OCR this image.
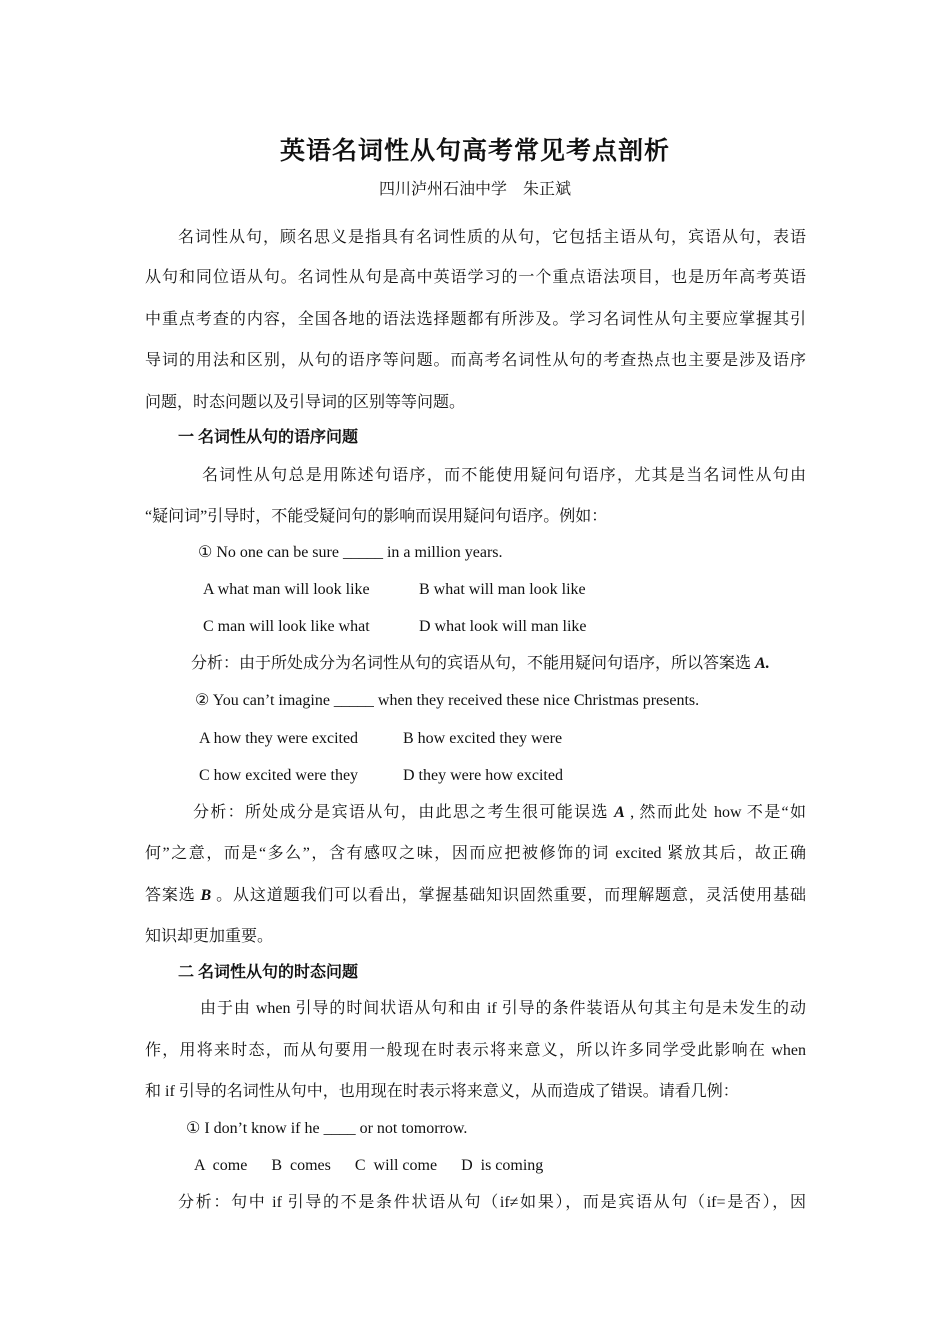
英语名词性从句高考常见考点剖析
四川泸州石油中学　朱正斌
名词性从句，顾名思义是指具有名词性质的从句，它包括主语从句，宾语从句，表语
从句和同位语从句。名词性从句是高中英语学习的一个重点语法项目，也是历年高考英语
中重点考查的内容，全国各地的语法选择题都有所涉及。学习名词性从句主要应掌握其引
导词的用法和区别，从句的语序等问题。而高考名词性从句的考查热点也主要是涉及语序
问题，时态问题以及引导词的区别等等问题。
一 名词性从句的语序问题
名词性从句总是用陈述句语序，而不能使用疑问句语序，尤其是当名词性从句由
“疑问词”引导时，不能受疑问句的影响而误用疑问句语序。例如：
① No one can be sure _____ in a million years.
A what man will look like	B what will man look like
C man will look like what	D what look will man like
分析：由于所处成分为名词性从句的宾语从句，不能用疑问句语序，所以答案选 A.
② You can’t imagine _____ when they received these nice Christmas presents.
A how they were excited	B how excited they were
C how excited were they	D they were how excited
分析：所处成分是宾语从句，由此思之考生很可能误选 A , 然而此处 how 不是“如
何”之意，而是“多么”，含有感叹之味，因而应把被修饰的词 excited 紧放其后，故正确
答案选 B 。从这道题我们可以看出，掌握基础知识固然重要，而理解题意，灵活使用基础
知识却更加重要。
二 名词性从句的时态问题
由于由 when 引导的时间状语从句和由 if 引导的条件装语从句其主句是未发生的动
作，用将来时态，而从句要用一般现在时表示将来意义，所以许多同学受此影响在 when
和 if 引导的名词性从句中，也用现在时表示将来意义，从而造成了错误。请看几例：
① I don’t know if he ____ or not tomorrow.
A  come      B  comes      C  will come      D  is coming
分析：句中 if 引导的不是条件状语从句（if≠如果），而是宾语从句（if=是否），因
